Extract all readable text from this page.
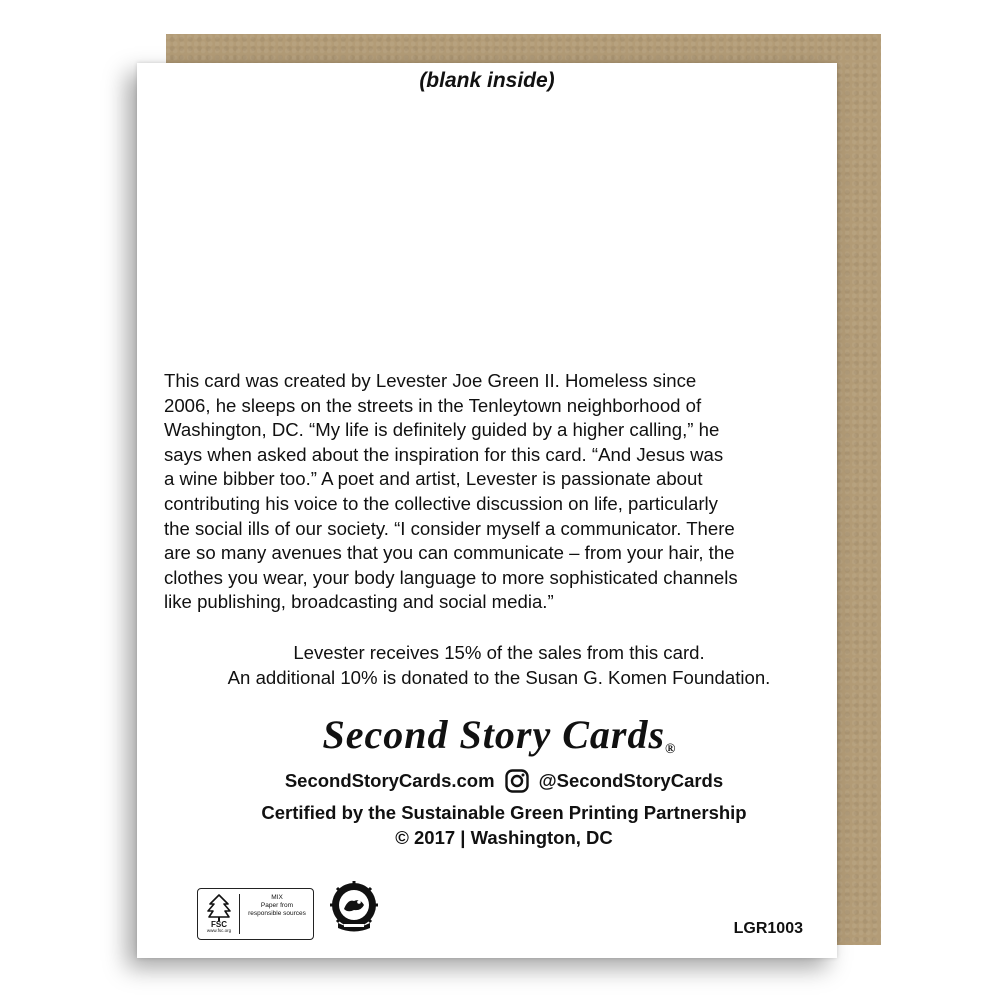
(blank inside)
This card was created by Levester Joe Green II. Homeless since
2006, he sleeps on the streets in the Tenleytown neighborhood of
Washington, DC. “My life is definitely guided by a higher calling,” he
says when asked about the inspiration for this card. “And Jesus was
a wine bibber too.” A poet and artist, Levester is passionate about
contributing his voice to the collective discussion on life, particularly
the social ills of our society. “I consider myself a communicator. There
are so many avenues that you can communicate – from your hair, the
clothes you wear, your body language to more sophisticated channels
like publishing, broadcasting and social media.”
Levester receives 15% of the sales from this card.
An additional 10% is donated to the Susan G. Komen Foundation.
Second Story Cards®
SecondStoryCards.com @SecondStoryCards
Certified by the Sustainable Green Printing Partnership
© 2017 | Washington, DC
FSC
www.fsc.org
MIX
Paper from responsible sources
LGR1003
